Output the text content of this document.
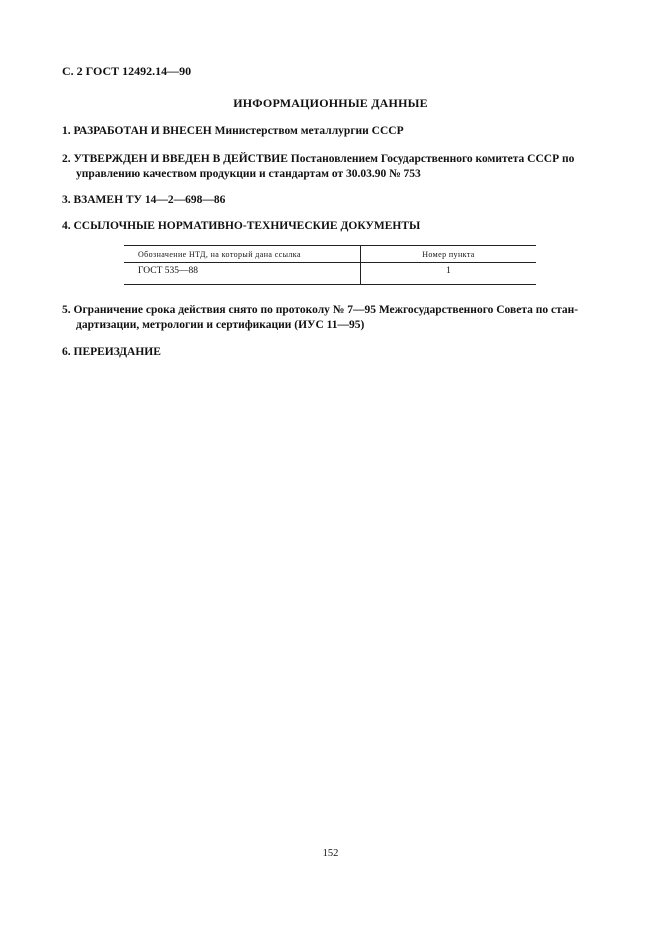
С. 2 ГОСТ 12492.14—90
ИНФОРМАЦИОННЫЕ ДАННЫЕ
1. РАЗРАБОТАН И ВНЕСЕН Министерством металлургии СССР
2. УТВЕРЖДЕН И ВВЕДЕН В ДЕЙСТВИЕ Постановлением Государственного комитета СССР по
управлению качеством продукции и стандартам от 30.03.90 № 753
3. ВЗАМЕН ТУ 14—2—698—86
4. ССЫЛОЧНЫЕ НОРМАТИВНО-ТЕХНИЧЕСКИЕ ДОКУМЕНТЫ
Обозначение НТД, на который дана ссылка	Номер пункта
ГОСТ 535—88	1
5. Ограничение срока действия снято по протоколу № 7—95 Межгосударственного Совета по стан-
дартизации, метрологии и сертификации (ИУС 11—95)
6. ПЕРЕИЗДАНИЕ
152
